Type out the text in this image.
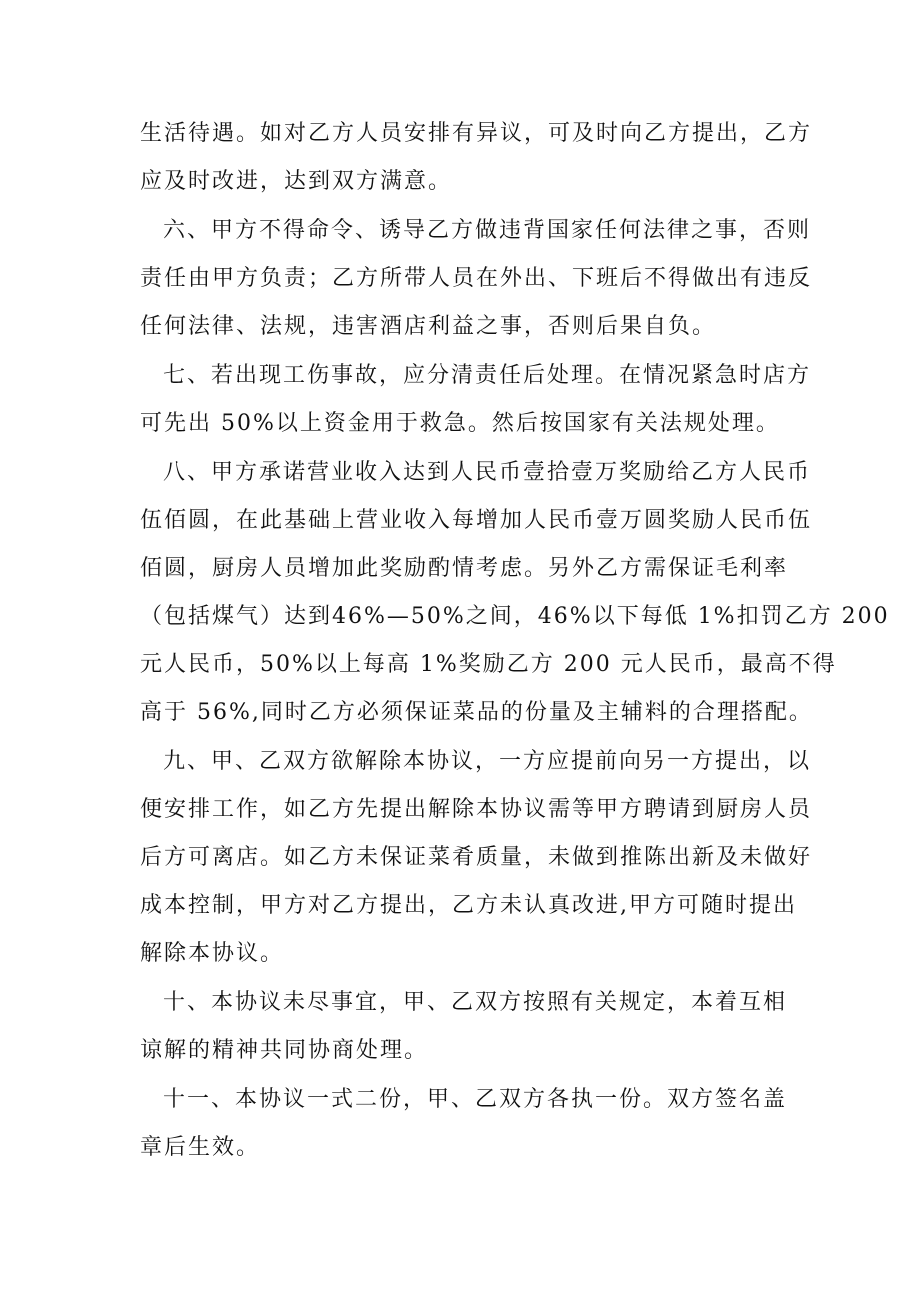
生活待遇。如对乙方人员安排有异议，可及时向乙方提出，乙方
应及时改进，达到双方满意。
六、甲方不得命令、诱导乙方做违背国家任何法律之事，否则
责任由甲方负责；乙方所带人员在外出、下班后不得做出有违反
任何法律、法规，违害酒店利益之事，否则后果自负。
七、若出现工伤事故，应分清责任后处理。在情况紧急时店方
可先出 50%以上资金用于救急。然后按国家有关法规处理。
八、甲方承诺营业收入达到人民币壹拾壹万奖励给乙方人民币
伍佰圆，在此基础上营业收入每增加人民币壹万圆奖励人民币伍
佰圆，厨房人员增加此奖励酌情考虑。另外乙方需保证毛利率
（包括煤气）达到46%—50%之间，46%以下每低 1%扣罚乙方 200
元人民币，50%以上每高 1%奖励乙方 200 元人民币，最高不得
高于 56%,同时乙方必须保证菜品的份量及主辅料的合理搭配。
九、甲、乙双方欲解除本协议，一方应提前向另一方提出，以
便安排工作，如乙方先提出解除本协议需等甲方聘请到厨房人员
后方可离店。如乙方未保证菜肴质量，未做到推陈出新及未做好
成本控制，甲方对乙方提出，乙方未认真改进,甲方可随时提出
解除本协议。
十、本协议未尽事宜，甲、乙双方按照有关规定，本着互相
谅解的精神共同协商处理。
十一、本协议一式二份，甲、乙双方各执一份。双方签名盖
章后生效。
